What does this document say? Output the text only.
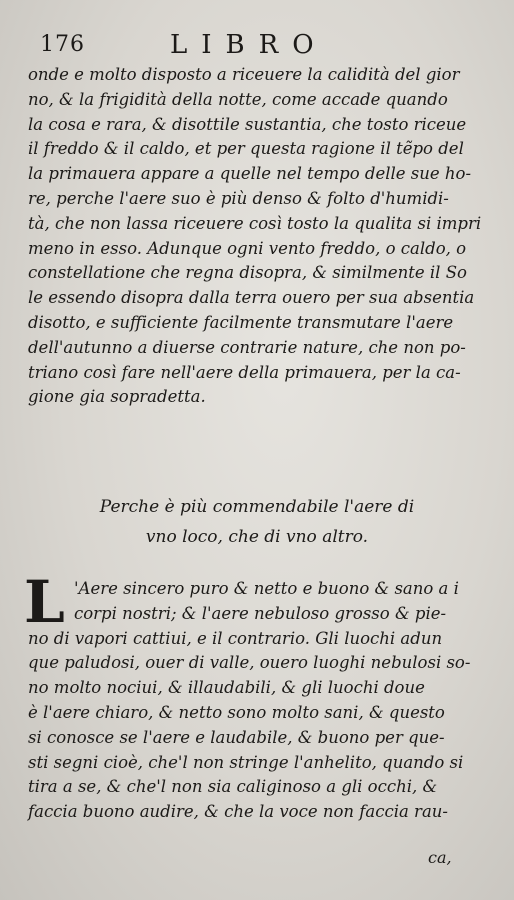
176	LIBRO
onde e molto disposto a riceuere la calidità del gior
no, & la frigidità della notte, come accade quando
la cosa e rara, & disottile sustantia, che tosto riceue
il freddo & il caldo, et per questa ragione il tẽpo del
la primauera appare a quelle nel tempo delle sue ho-
re, perche l'aere suo è più denso & folto d'humidi-
tà, che non lassa riceuere così tosto la qualita si impri
meno in esso. Adunque ogni vento freddo, o caldo, o
constellatione che regna disopra, & similmente il So
le essendo disopra dalla terra ouero per sua absentia
disotto, e sufficiente facilmente transmutare l'aere
dell'autunno a diuerse contrarie nature, che non po-
triano così fare nell'aere della primauera, per la ca-
gione gia sopradetta.
Perche è più commendabile l'aere di
vno loco, che di vno altro.
L 'Aere sincero puro & netto e buono & sano a i
corpi nostri; & l'aere nebuloso grosso & pie-
no di vapori cattiui, e il contrario. Gli luochi adun
que paludosi, ouer di valle, ouero luoghi nebulosi so-
no molto nociui, & illaudabili, & gli luochi doue
è l'aere chiaro, & netto sono molto sani, & questo
si conosce se l'aere e laudabile, & buono per que-
sti segni cioè, che'l non stringe l'anhelito, quando si
tira a se, & che'l non sia caliginoso a gli occhi, &
faccia buono audire, & che la voce non faccia rau-
ca,
